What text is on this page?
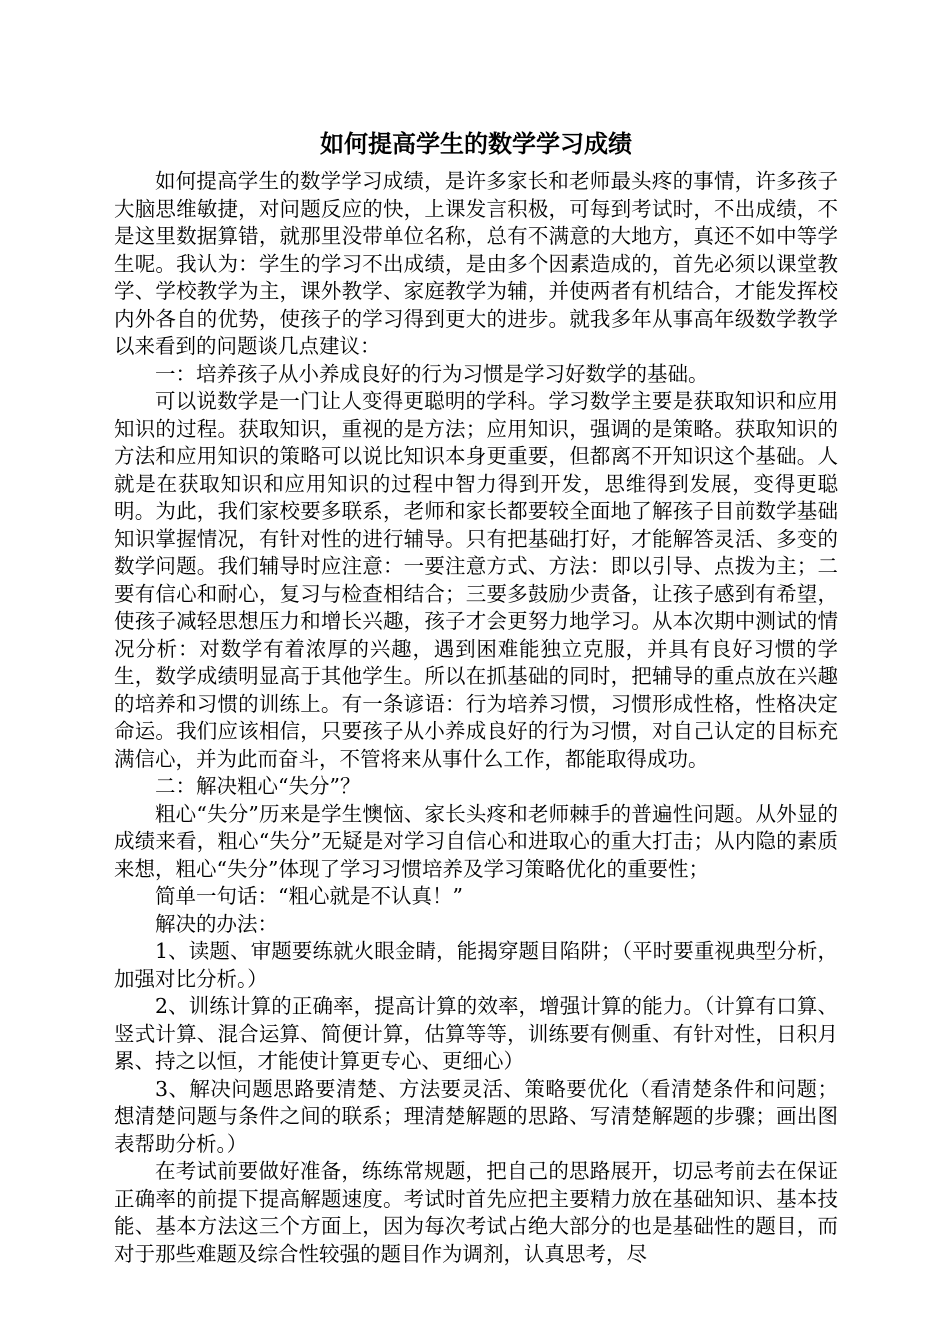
如何提高学生的数学学习成绩

如何提高学生的数学学习成绩，是许多家长和老师最头疼的事情，许多孩子大脑思维敏捷，对问题反应的快，上课发言积极，可每到考试时，不出成绩，不是这里数据算错，就那里没带单位名称，总有不满意的大地方，真还不如中等学生呢。我认为：学生的学习不出成绩，是由多个因素造成的，首先必须以课堂教学、学校教学为主，课外教学、家庭教学为辅，并使两者有机结合，才能发挥校内外各自的优势，使孩子的学习得到更大的进步。就我多年从事高年级数学教学以来看到的问题谈几点建议：

一：培养孩子从小养成良好的行为习惯是学习好数学的基础。

可以说数学是一门让人变得更聪明的学科。学习数学主要是获取知识和应用知识的过程。获取知识，重视的是方法；应用知识，强调的是策略。获取知识的方法和应用知识的策略可以说比知识本身更重要，但都离不开知识这个基础。人就是在获取知识和应用知识的过程中智力得到开发，思维得到发展，变得更聪明。为此，我们家校要多联系，老师和家长都要较全面地了解孩子目前数学基础知识掌握情况，有针对性的进行辅导。只有把基础打好，才能解答灵活、多变的数学问题。我们辅导时应注意：一要注意方式、方法：即以引导、点拨为主；二要有信心和耐心，复习与检查相结合；三要多鼓励少责备，让孩子感到有希望，使孩子减轻思想压力和增长兴趣，孩子才会更努力地学习。从本次期中测试的情况分析：对数学有着浓厚的兴趣，遇到困难能独立克服，并具有良好习惯的学生，数学成绩明显高于其他学生。所以在抓基础的同时，把辅导的重点放在兴趣的培养和习惯的训练上。有一条谚语：行为培养习惯，习惯形成性格，性格决定命运。我们应该相信，只要孩子从小养成良好的行为习惯，对自己认定的目标充满信心，并为此而奋斗，不管将来从事什么工作，都能取得成功。

二：解决粗心“失分”？

粗心“失分”历来是学生懊恼、家长头疼和老师棘手的普遍性问题。从外显的成绩来看，粗心“失分”无疑是对学习自信心和进取心的重大打击；从内隐的素质来想，粗心“失分”体现了学习习惯培养及学习策略优化的重要性；

简单一句话：“粗心就是不认真！”

解决的办法：

1、读题、审题要练就火眼金睛，能揭穿题目陷阱；（平时要重视典型分析，加强对比分析。）

2、训练计算的正确率，提高计算的效率，增强计算的能力。（计算有口算、竖式计算、混合运算、简便计算，估算等等，训练要有侧重、有针对性，日积月累、持之以恒，才能使计算更专心、更细心）

3、解决问题思路要清楚、方法要灵活、策略要优化（看清楚条件和问题；想清楚问题与条件之间的联系；理清楚解题的思路、写清楚解题的步骤；画出图表帮助分析。）

在考试前要做好准备，练练常规题，把自己的思路展开，切忌考前去在保证正确率的前提下提高解题速度。考试时首先应把主要精力放在基础知识、基本技能、基本方法这三个方面上，因为每次考试占绝大部分的也是基础性的题目，而对于那些难题及综合性较强的题目作为调剂，认真思考，尽
